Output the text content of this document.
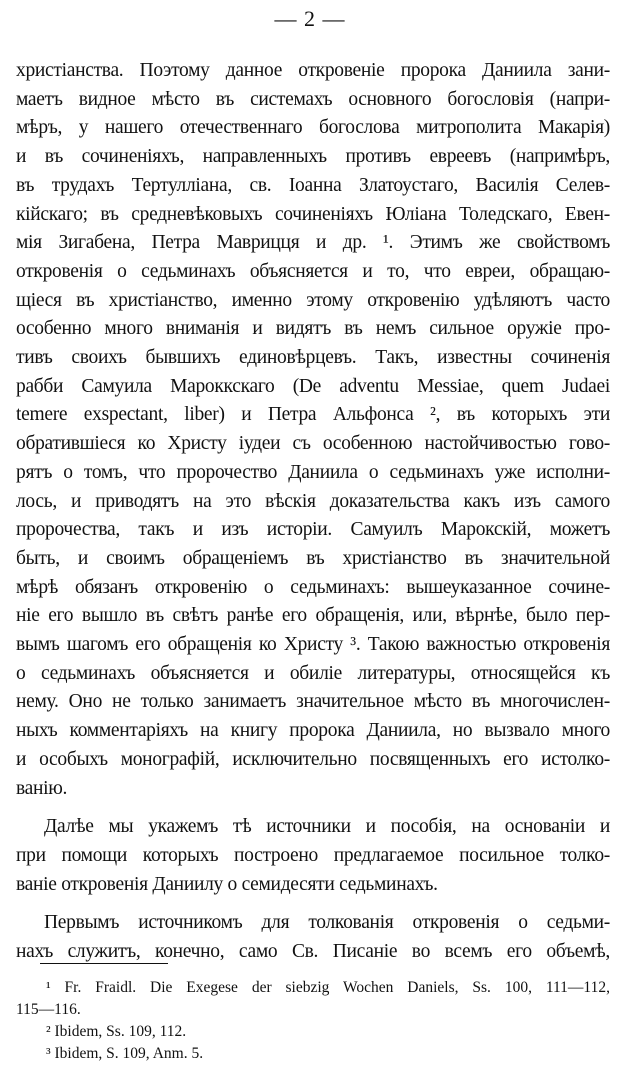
— 2 —
христіанства. Поэтому данное откровеніе пророка Даниила зани-
маетъ видное мѣсто въ системахъ основного богословія (напри-
мѣръ, у нашего отечественнаго богослова митрополита Макарія)
и въ сочиненіяхъ, направленныхъ противъ евреевъ (напримѣръ,
въ трудахъ Тертулліана, св. Іоанна Златоустаго, Василія Селев-
кійскаго; въ средневѣковыхъ сочиненіяхъ Юліана Толедскаго, Евен-
мія Зигабена, Петра Маврицця и др. ¹. Этимъ же свойствомъ
откровенія о седьминахъ объясняется и то, что евреи, обращаю-
щіеся въ христіанство, именно этому откровенію удѣляютъ часто
особенно много вниманія и видятъ въ немъ сильное оружіе про-
тивъ своихъ бывшихъ единовѣрцевъ. Такъ, известны сочиненія
рабби Самуила Мароккскаго (De adventu Messiae, quem Judaei
temere exspectant, liber) и Петра Альфонса ², въ которыхъ эти
обратившіеся ко Христу іудеи съ особенною настойчивостью гово-
рятъ о томъ, что пророчество Даниила о седьминахъ уже исполни-
лось, и приводятъ на это вѣскія доказательства какъ изъ самого
пророчества, такъ и изъ исторіи. Самуилъ Марокскій, можетъ
быть, и своимъ обращеніемъ въ христіанство въ значительной
мѣрѣ обязанъ откровенію о седьминахъ: вышеуказанное сочине-
ніе его вышло въ свѣтъ ранѣе его обращенія, или, вѣрнѣе, было пер-
вымъ шагомъ его обращенія ко Христу ³. Такою важностью откровенія
о седьминахъ объясняется и обиліе литературы, относящейся къ
нему. Оно не только занимаетъ значительное мѣсто въ многочислен-
ныхъ комментаріяхъ на книгу пророка Даниила, но вызвало много
и особыхъ монографій, исключительно посвященныхъ его истолко-
ванію.
Далѣе мы укажемъ тѣ источники и пособія, на основаніи и
при помощи которыхъ построено предлагаемое посильное толко-
ваніе откровенія Даниилу о семидесяти седьминахъ.
Первымъ источникомъ для толкованія откровенія о седьми-
нахъ служитъ, конечно, само Св. Писаніе во всемъ его объемѣ,
¹ Fr. Fraidl. Die Exegese der siebzig Wochen Daniels, Ss. 100, 111—112,
115—116.
² Ibidem, Ss. 109, 112.
³ Ibidem, S. 109, Anm. 5.
